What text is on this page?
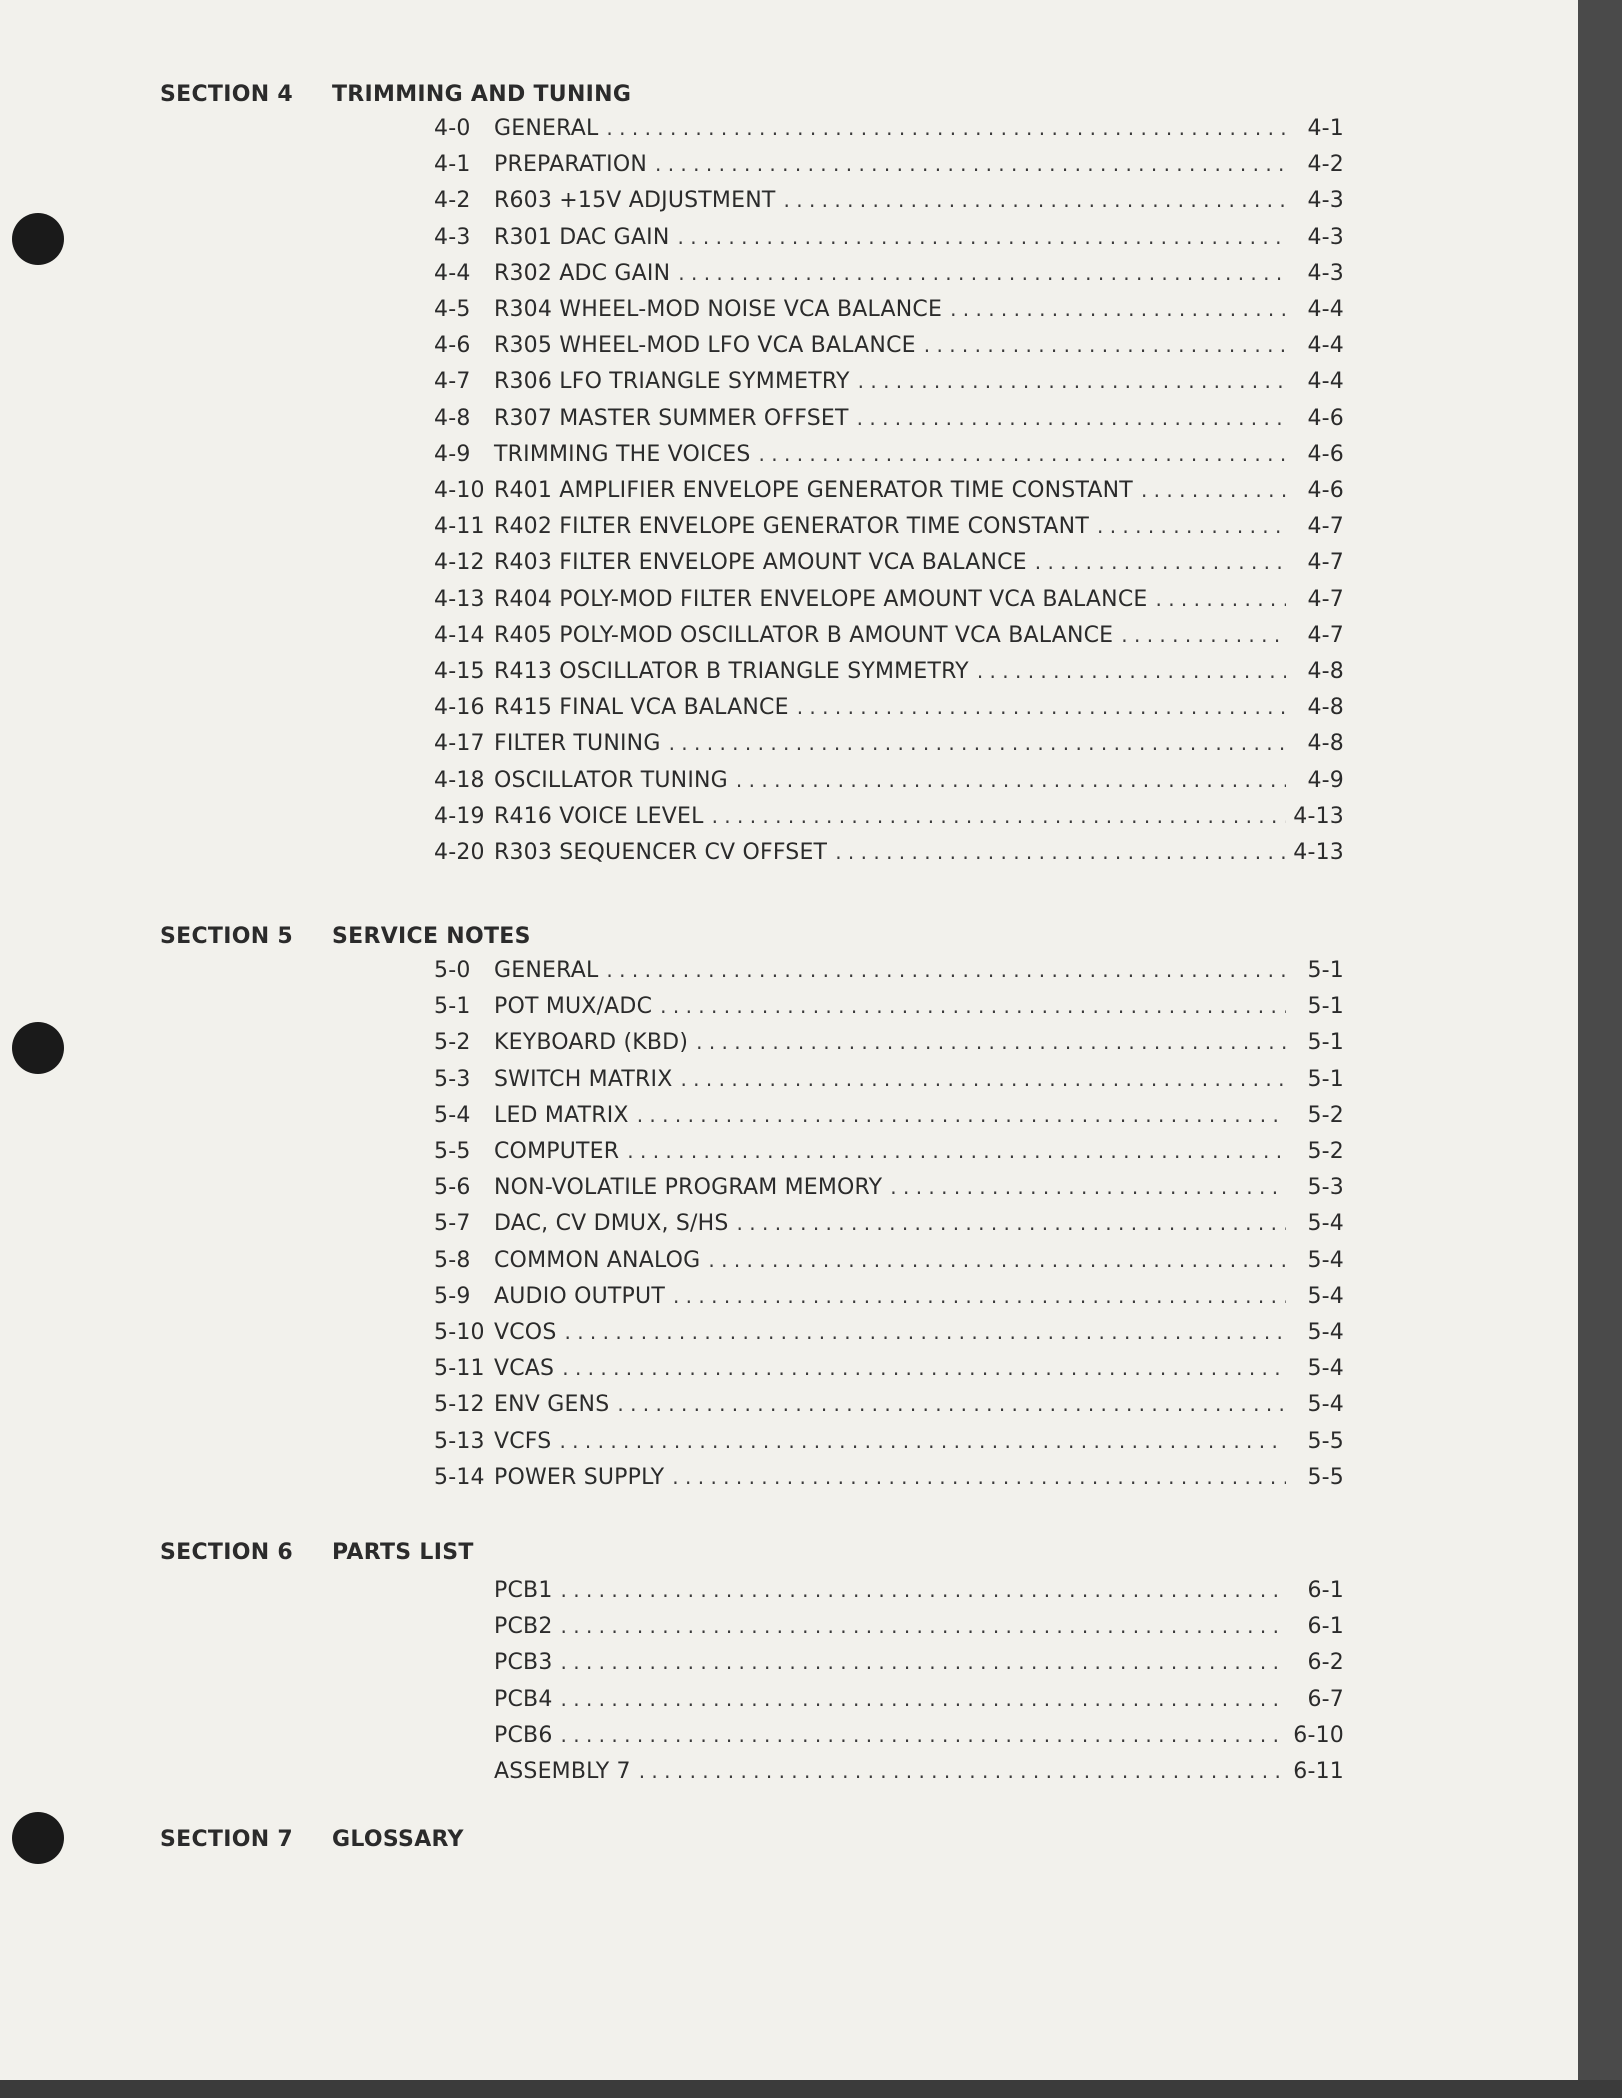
SECTION 4 TRIMMING AND TUNING
4-0	GENERAL . . .	4-1
4-1	PREPARATION . . .	4-2
4-2	R603 +15V ADJUSTMENT . . .	4-3
4-3	R301 DAC GAIN . . .	4-3
4-4	R302 ADC GAIN . . .	4-3
4-5	R304 WHEEL-MOD NOISE VCA BALANCE . . .	4-4
4-6	R305 WHEEL-MOD LFO VCA BALANCE . . .	4-4
4-7	R306 LFO TRIANGLE SYMMETRY . . .	4-4
4-8	R307 MASTER SUMMER OFFSET . . .	4-6
4-9	TRIMMING THE VOICES . . .	4-6
4-10 R401 AMPLIFIER ENVELOPE GENERATOR TIME CONSTANT . . .	4-6
4-11 R402 FILTER ENVELOPE GENERATOR TIME CONSTANT . . .	4-7
4-12 R403 FILTER ENVELOPE AMOUNT VCA BALANCE . . .	4-7
4-13 R404 POLY-MOD FILTER ENVELOPE AMOUNT VCA BALANCE . . .	4-7
4-14 R405 POLY-MOD OSCILLATOR B AMOUNT VCA BALANCE . . .	4-7
4-15 R413 OSCILLATOR B TRIANGLE SYMMETRY . . .	4-8
4-16 R415 FINAL VCA BALANCE . . .	4-8
4-17 FILTER TUNING . . .	4-8
4-18 OSCILLATOR TUNING . . .	4-9
4-19 R416 VOICE LEVEL . . .	4-13
4-20 R303 SEQUENCER CV OFFSET . . .	4-13
SECTION 5 SERVICE NOTES
5-0	GENERAL . . .	5-1
5-1	POT MUX/ADC . . .	5-1
5-2	KEYBOARD (KBD) . . .	5-1
5-3	SWITCH MATRIX . . .	5-1
5-4	LED MATRIX . . .	5-2
5-5	COMPUTER . . .	5-2
5-6	NON-VOLATILE PROGRAM MEMORY . . .	5-3
5-7	DAC, CV DMUX, S/HS . . .	5-4
5-8	COMMON ANALOG . . .	5-4
5-9	AUDIO OUTPUT . . .	5-4
5-10 VCOS . . .	5-4
5-11 VCAS . . .	5-4
5-12 ENV GENS . . .	5-4
5-13 VCFS . . .	5-5
5-14 POWER SUPPLY . . .	5-5
SECTION 6 PARTS LIST
PCB1 . . .	6-1
PCB2 . . .	6-1
PCB3 . . .	6-2
PCB4 . . .	6-7
PCB6 . . .	6-10
ASSEMBLY 7 . . .	6-11
SECTION 7 GLOSSARY
